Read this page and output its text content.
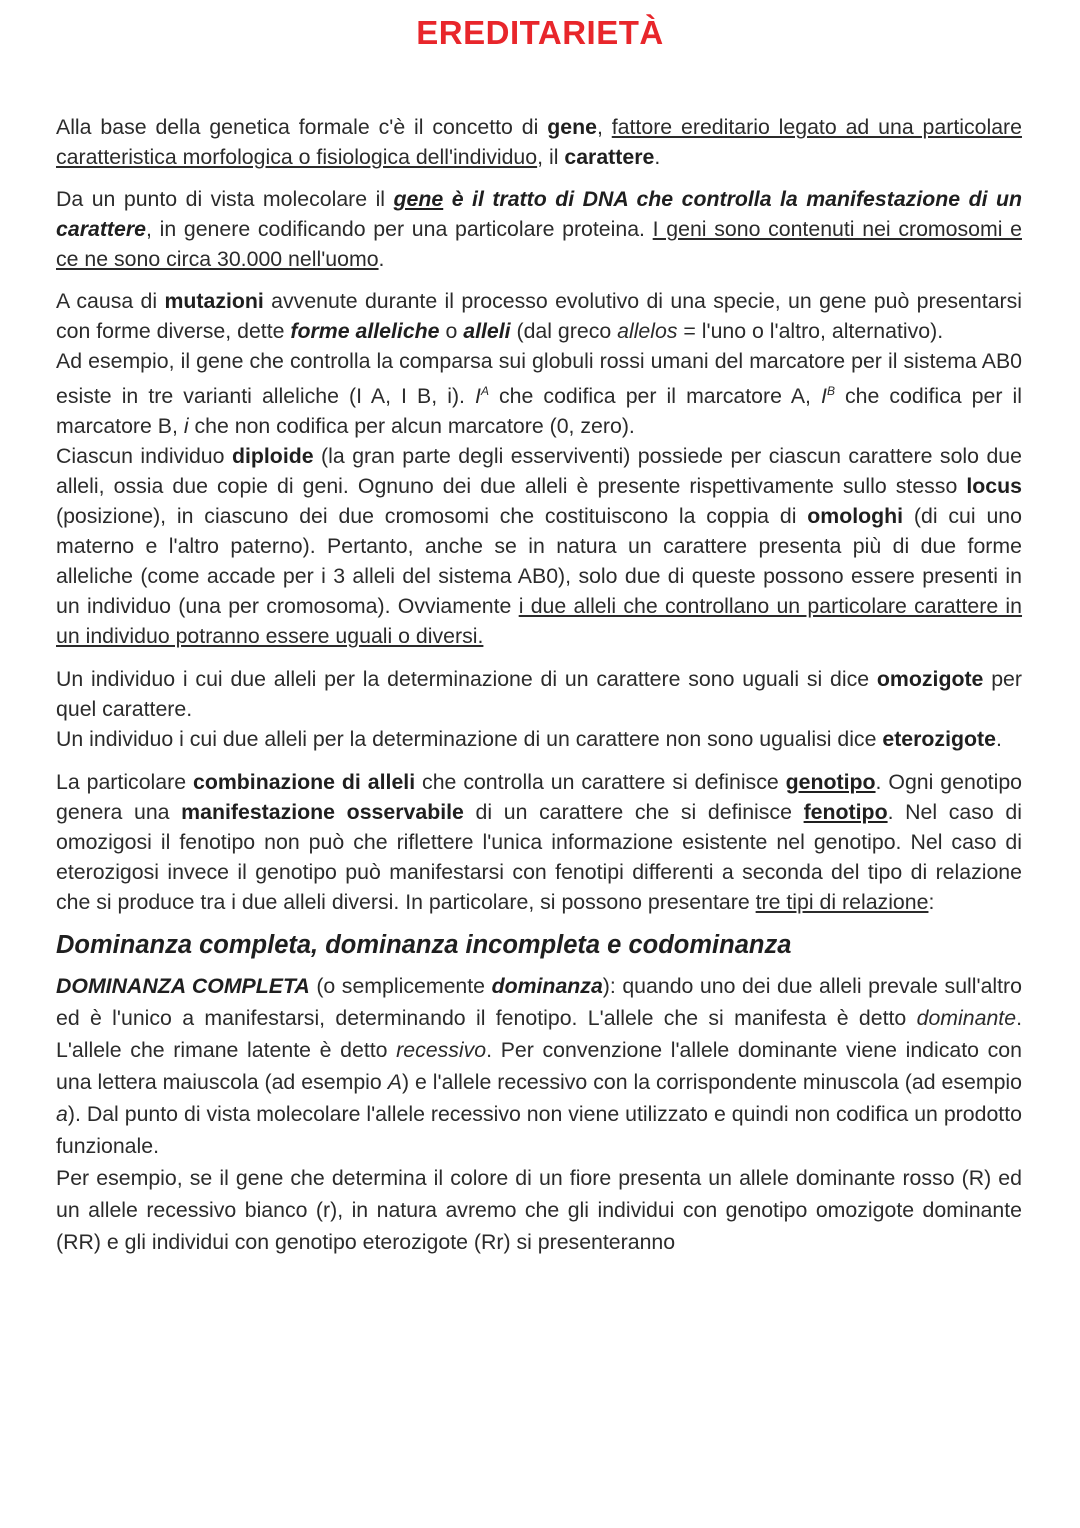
EREDITARIETÀ

Alla base della genetica formale c'è il concetto di gene, fattore ereditario legato ad una particolare caratteristica morfologica o fisiologica dell'individuo, il carattere.

Da un punto di vista molecolare il gene è il tratto di DNA che controlla la manifestazione di un carattere, in genere codificando per una particolare proteina. I geni sono contenuti nei cromosomi e ce ne sono circa 30.000 nell'uomo.

A causa di mutazioni avvenute durante il processo evolutivo di una specie, un gene può presentarsi con forme diverse, dette forme alleliche o alleli (dal greco allelos = l'uno o l'altro, alternativo).

Ad esempio, il gene che controlla la comparsa sui globuli rossi umani del marcatore per il sistema AB0 esiste in tre varianti alleliche (I A, I B, i). $I^A$ che codifica per il marcatore A, $I^B$ che codifica per il marcatore B, i che non codifica per alcun marcatore (0, zero).

Ciascun individuo diploide (la gran parte degli esserviventi) possiede per ciascun carattere solo due alleli, ossia due copie di geni. Ognuno dei due alleli è presente rispettivamente sullo stesso locus (posizione), in ciascuno dei due cromosomi che costituiscono la coppia di omologhi (di cui uno materno e l'altro paterno). Pertanto, anche se in natura un carattere presenta più di due forme alleliche (come accade per i 3 alleli del sistema AB0), solo due di queste possono essere presenti in un individuo (una per cromosoma). Ovviamente i due alleli che controllano un particolare carattere in un individuo potranno essere uguali o diversi.

Un individuo i cui due alleli per la determinazione di un carattere sono uguali si dice omozigote per quel carattere.

Un individuo i cui due alleli per la determinazione di un carattere non sono ugualisi dice eterozigote.

La particolare combinazione di alleli che controlla un carattere si definisce genotipo. Ogni genotipo genera una manifestazione osservabile di un carattere che si definisce fenotipo. Nel caso di omozigosi il fenotipo non può che riflettere l'unica informazione esistente nel genotipo. Nel caso di eterozigosi invece il genotipo può manifestarsi con fenotipi differenti a seconda del tipo di relazione che si produce tra i due alleli diversi. In particolare, si possono presentare tre tipi di relazione:

Dominanza completa, dominanza incompleta e codominanza

DOMINANZA COMPLETA (o semplicemente dominanza): quando uno dei due alleli prevale sull'altro ed è l'unico a manifestarsi, determinando il fenotipo. L'allele che si manifesta è detto dominante. L'allele che rimane latente è detto recessivo. Per convenzione l'allele dominante viene indicato con una lettera maiuscola (ad esempio A) e l'allele recessivo con la corrispondente minuscola (ad esempio a). Dal punto di vista molecolare l'allele recessivo non viene utilizzato e quindi non codifica un prodotto funzionale.

Per esempio, se il gene che determina il colore di un fiore presenta un allele dominante rosso (R) ed un allele recessivo bianco (r), in natura avremo che gli individui con genotipo omozigote dominante (RR) e gli individui con genotipo eterozigote (Rr) si presenteranno
